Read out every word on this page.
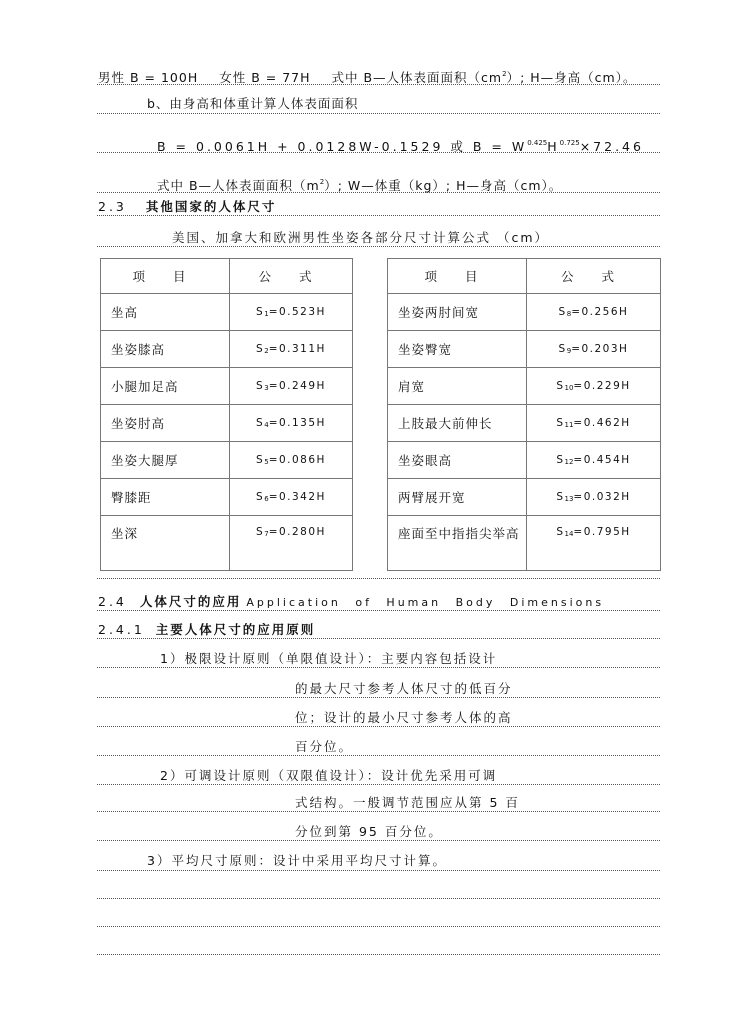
男性 B = 100H 女性 B = 77H 式中 B—人体表面面积$(cm^2)$; H—身高（cm）。
b、由身高和体重计算人体表面面积
B = 0.0061H + 0.0128W-0.1529 或 $B = W^{0.425}H^{0.725}\times 72.46$
式中 B—人体表面面积$(m^2)$; W—体重（kg）; H—身高（cm）。
2.3 其他国家的人体尺寸
美国、加拿大和欧洲男性坐姿各部分尺寸计算公式 （cm）
项 目	公 式
坐高	$S_1=0.523H$
坐姿膝高	$S_2=0.311H$
小腿加足高	$S_3=0.249H$
坐姿肘高	$S_4=0.135H$
坐姿大腿厚	$S_5=0.086H$
臀膝距	$S_6=0.342H$
坐深	$S_7=0.280H$
项 目	公 式
坐姿两肘间宽	$S_8=0.256H$
坐姿臀宽	$S_9=0.203H$
肩宽	$S_{10}=0.229H$
上肢最大前伸长	$S_{11}=0.462H$
坐姿眼高	$S_{12}=0.454H$
两臂展开宽	$S_{13}=0.032H$
座面至中指指尖举高	$S_{14}=0.795H$
2.4 人体尺寸的应用 Application of Human Body Dimensions
2.4.1 主要人体尺寸的应用原则
1）极限设计原则（单限值设计）：主要内容包括设计
的最大尺寸参考人体尺寸的低百分
位；设计的最小尺寸参考人体的高
百分位。
2）可调设计原则（双限值设计）：设计优先采用可调
式结构。一般调节范围应从第 5 百
分位到第 95 百分位。
3）平均尺寸原则：设计中采用平均尺寸计算。
